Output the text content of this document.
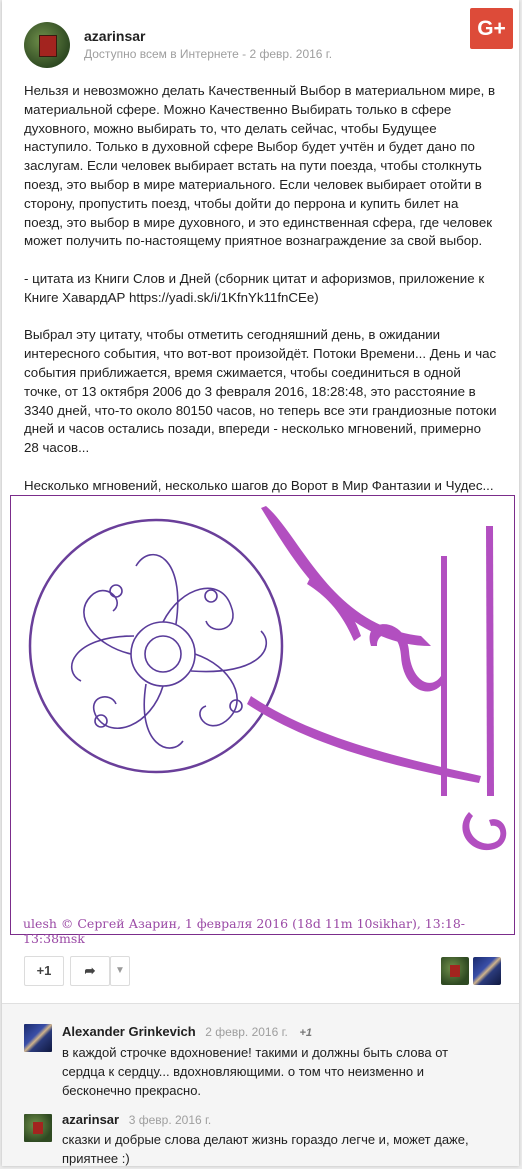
azarinsar
Доступно всем в Интернете - 2 февр. 2016 г.
G+
Нельзя и невозможно делать Качественный Выбор в материальном мире, в материальной сфере. Можно Качественно Выбирать только в сфере духовного, можно выбирать то, что делать сейчас, чтобы Будущее наступило. Только в духовной сфере Выбор будет учтён и будет дано по заслугам. Если человек выбирает встать на пути поезда, чтобы столкнуть поезд, это выбор в мире материального. Если человек выбирает отойти в сторону, пропустить поезд, чтобы дойти до перрона и купить билет на поезд, это выбор в мире духовного, и это единственная сфера, где человек может получить по-настоящему приятное вознаграждение за свой выбор.

- цитата из Книги Слов и Дней (сборник цитат и афоризмов, приложение к Книге ХавардАР https://yadi.sk/i/1KfnYk11fnCEe)

Выбрал эту цитату, чтобы отметить сегодняшний день, в ожидании интересного события, что вот-вот произойдёт. Потоки Времени... День и час события приближается, время сжимается, чтобы соединиться в одной точке, от 13 октября 2006 до 3 февраля 2016, 18:28:48, это расстояние в 3340 дней, что-то около 80150 часов, но теперь все эти грандиозные потоки дней и часов остались позади, впереди - несколько мгновений, примерно 28 часов...

Несколько мгновений, несколько шагов до Ворот в Мир Фантазии и Чудес...
ulesh © Сергей Азарин, 1 февраля 2016 (18d 11m 10sikhar), 13:18-13:38msk
+1	➦	▼
Alexander Grinkevich 2 февр. 2016 г. +1
в каждой строчке вдохновение! такими и должны быть слова от сердца к сердцу... вдохновляющими. о том что неизменно и бесконечно прекрасно.
azarinsar 3 февр. 2016 г.
сказки и добрые слова делают жизнь гораздо легче и, может даже, приятнее :)
